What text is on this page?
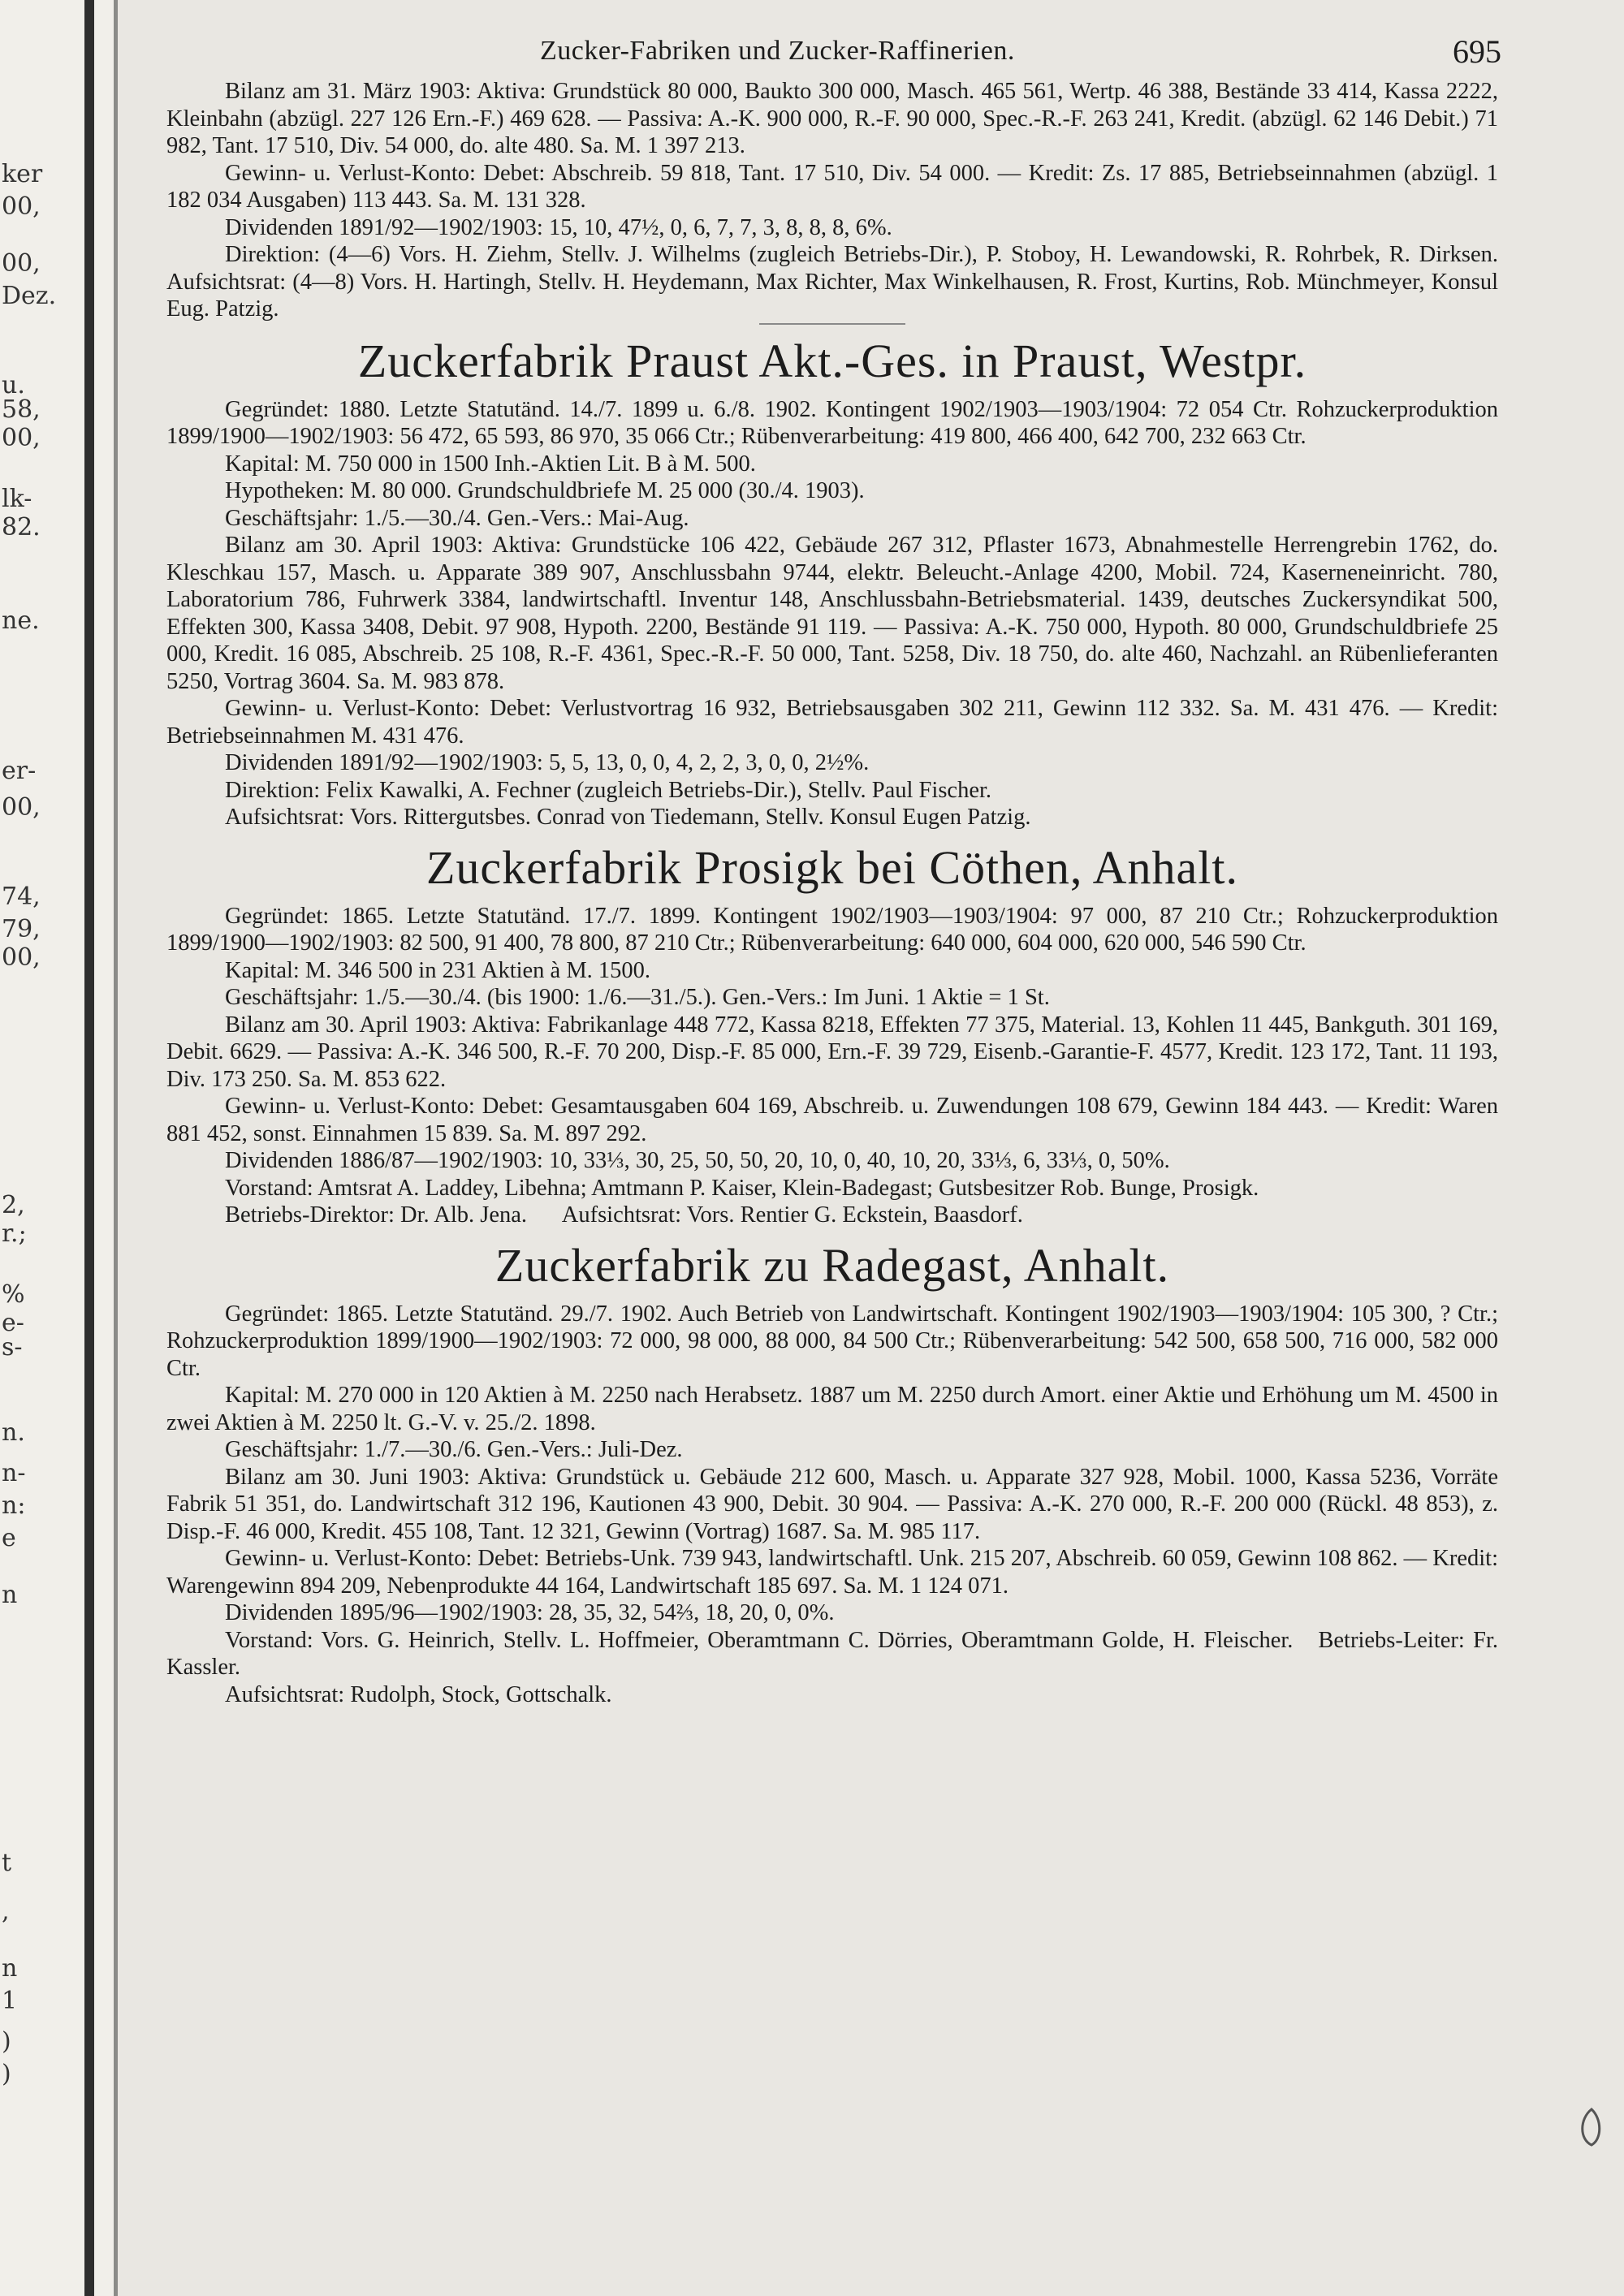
ker
00,
00,
Dez.
u.
58,
00,
lk-
82.
ne.
er-
00,
74,
79,
00,
2,
r.;
%
e-
s-
n.
n-
n:
e
n
t
,
n
1
)
)
Zucker-Fabriken und Zucker-Raffinerien.	695

Bilanz am 31. März 1903: Aktiva: Grundstück 80 000, Baukto 300 000, Masch. 465 561, Wertp. 46 388, Bestände 33 414, Kassa 2222, Kleinbahn (abzügl. 227 126 Ern.-F.) 469 628. — Passiva: A.-K. 900 000, R.-F. 90 000, Spec.-R.-F. 263 241, Kredit. (abzügl. 62 146 Debit.) 71 982, Tant. 17 510, Div. 54 000, do. alte 480. Sa. M. 1 397 213.

Gewinn- u. Verlust-Konto: Debet: Abschreib. 59 818, Tant. 17 510, Div. 54 000. — Kredit: Zs. 17 885, Betriebseinnahmen (abzügl. 1 182 034 Ausgaben) 113 443. Sa. M. 131 328.

Dividenden 1891/92—1902/1903: 15, 10, 47½, 0, 6, 7, 7, 3, 8, 8, 8, 6%.

Direktion: (4—6) Vors. H. Ziehm, Stellv. J. Wilhelms (zugleich Betriebs-Dir.), P. Stoboy, H. Lewandowski, R. Rohrbek, R. Dirksen. Aufsichtsrat: (4—8) Vors. H. Hartingh, Stellv. H. Heydemann, Max Richter, Max Winkelhausen, R. Frost, Kurtins, Rob. Münchmeyer, Konsul Eug. Patzig.

Zuckerfabrik Praust Akt.-Ges. in Praust, Westpr.

Gegründet: 1880. Letzte Statutänd. 14./7. 1899 u. 6./8. 1902. Kontingent 1902/1903—1903/1904: 72 054 Ctr. Rohzuckerproduktion 1899/1900—1902/1903: 56 472, 65 593, 86 970, 35 066 Ctr.; Rübenverarbeitung: 419 800, 466 400, 642 700, 232 663 Ctr.

Kapital: M. 750 000 in 1500 Inh.-Aktien Lit. B à M. 500.

Hypotheken: M. 80 000. Grundschuldbriefe M. 25 000 (30./4. 1903).

Geschäftsjahr: 1./5.—30./4. Gen.-Vers.: Mai-Aug.

Bilanz am 30. April 1903: Aktiva: Grundstücke 106 422, Gebäude 267 312, Pflaster 1673, Abnahmestelle Herrengrebin 1762, do. Kleschkau 157, Masch. u. Apparate 389 907, Anschlussbahn 9744, elektr. Beleucht.-Anlage 4200, Mobil. 724, Kaserneneinricht. 780, Laboratorium 786, Fuhrwerk 3384, landwirtschaftl. Inventur 148, Anschlussbahn-Betriebsmaterial. 1439, deutsches Zuckersyndikat 500, Effekten 300, Kassa 3408, Debit. 97 908, Hypoth. 2200, Bestände 91 119. — Passiva: A.-K. 750 000, Hypoth. 80 000, Grundschuldbriefe 25 000, Kredit. 16 085, Abschreib. 25 108, R.-F. 4361, Spec.-R.-F. 50 000, Tant. 5258, Div. 18 750, do. alte 460, Nachzahl. an Rübenlieferanten 5250, Vortrag 3604. Sa. M. 983 878.

Gewinn- u. Verlust-Konto: Debet: Verlustvortrag 16 932, Betriebsausgaben 302 211, Gewinn 112 332. Sa. M. 431 476. — Kredit: Betriebseinnahmen M. 431 476.

Dividenden 1891/92—1902/1903: 5, 5, 13, 0, 0, 4, 2, 2, 3, 0, 0, 2½%.

Direktion: Felix Kawalki, A. Fechner (zugleich Betriebs-Dir.), Stellv. Paul Fischer.

Aufsichtsrat: Vors. Rittergutsbes. Conrad von Tiedemann, Stellv. Konsul Eugen Patzig.

Zuckerfabrik Prosigk bei Cöthen, Anhalt.

Gegründet: 1865. Letzte Statutänd. 17./7. 1899. Kontingent 1902/1903—1903/1904: 97 000, 87 210 Ctr.; Rohzuckerproduktion 1899/1900—1902/1903: 82 500, 91 400, 78 800, 87 210 Ctr.; Rübenverarbeitung: 640 000, 604 000, 620 000, 546 590 Ctr.

Kapital: M. 346 500 in 231 Aktien à M. 1500.

Geschäftsjahr: 1./5.—30./4. (bis 1900: 1./6.—31./5.). Gen.-Vers.: Im Juni. 1 Aktie = 1 St.

Bilanz am 30. April 1903: Aktiva: Fabrikanlage 448 772, Kassa 8218, Effekten 77 375, Material. 13, Kohlen 11 445, Bankguth. 301 169, Debit. 6629. — Passiva: A.-K. 346 500, R.-F. 70 200, Disp.-F. 85 000, Ern.-F. 39 729, Eisenb.-Garantie-F. 4577, Kredit. 123 172, Tant. 11 193, Div. 173 250. Sa. M. 853 622.

Gewinn- u. Verlust-Konto: Debet: Gesamtausgaben 604 169, Abschreib. u. Zuwendungen 108 679, Gewinn 184 443. — Kredit: Waren 881 452, sonst. Einnahmen 15 839. Sa. M. 897 292.

Dividenden 1886/87—1902/1903: 10, 33⅓, 30, 25, 50, 50, 20, 10, 0, 40, 10, 20, 33⅓, 6, 33⅓, 0, 50%.

Vorstand: Amtsrat A. Laddey, Libehna; Amtmann P. Kaiser, Klein-Badegast; Gutsbesitzer Rob. Bunge, Prosigk.

Betriebs-Direktor: Dr. Alb. Jena. Aufsichtsrat: Vors. Rentier G. Eckstein, Baasdorf.

Zuckerfabrik zu Radegast, Anhalt.

Gegründet: 1865. Letzte Statutänd. 29./7. 1902. Auch Betrieb von Landwirtschaft. Kontingent 1902/1903—1903/1904: 105 300, ? Ctr.; Rohzuckerproduktion 1899/1900—1902/1903: 72 000, 98 000, 88 000, 84 500 Ctr.; Rübenverarbeitung: 542 500, 658 500, 716 000, 582 000 Ctr.

Kapital: M. 270 000 in 120 Aktien à M. 2250 nach Herabsetz. 1887 um M. 2250 durch Amort. einer Aktie und Erhöhung um M. 4500 in zwei Aktien à M. 2250 lt. G.-V. v. 25./2. 1898.

Geschäftsjahr: 1./7.—30./6. Gen.-Vers.: Juli-Dez.

Bilanz am 30. Juni 1903: Aktiva: Grundstück u. Gebäude 212 600, Masch. u. Apparate 327 928, Mobil. 1000, Kassa 5236, Vorräte Fabrik 51 351, do. Landwirtschaft 312 196, Kautionen 43 900, Debit. 30 904. — Passiva: A.-K. 270 000, R.-F. 200 000 (Rückl. 48 853), z. Disp.-F. 46 000, Kredit. 455 108, Tant. 12 321, Gewinn (Vortrag) 1687. Sa. M. 985 117.

Gewinn- u. Verlust-Konto: Debet: Betriebs-Unk. 739 943, landwirtschaftl. Unk. 215 207, Abschreib. 60 059, Gewinn 108 862. — Kredit: Warengewinn 894 209, Nebenprodukte 44 164, Landwirtschaft 185 697. Sa. M. 1 124 071.

Dividenden 1895/96—1902/1903: 28, 35, 32, 54⅔, 18, 20, 0, 0%.

Vorstand: Vors. G. Heinrich, Stellv. L. Hoffmeier, Oberamtmann C. Dörries, Oberamtmann Golde, H. Fleischer. Betriebs-Leiter: Fr. Kassler.

Aufsichtsrat: Rudolph, Stock, Gottschalk.
